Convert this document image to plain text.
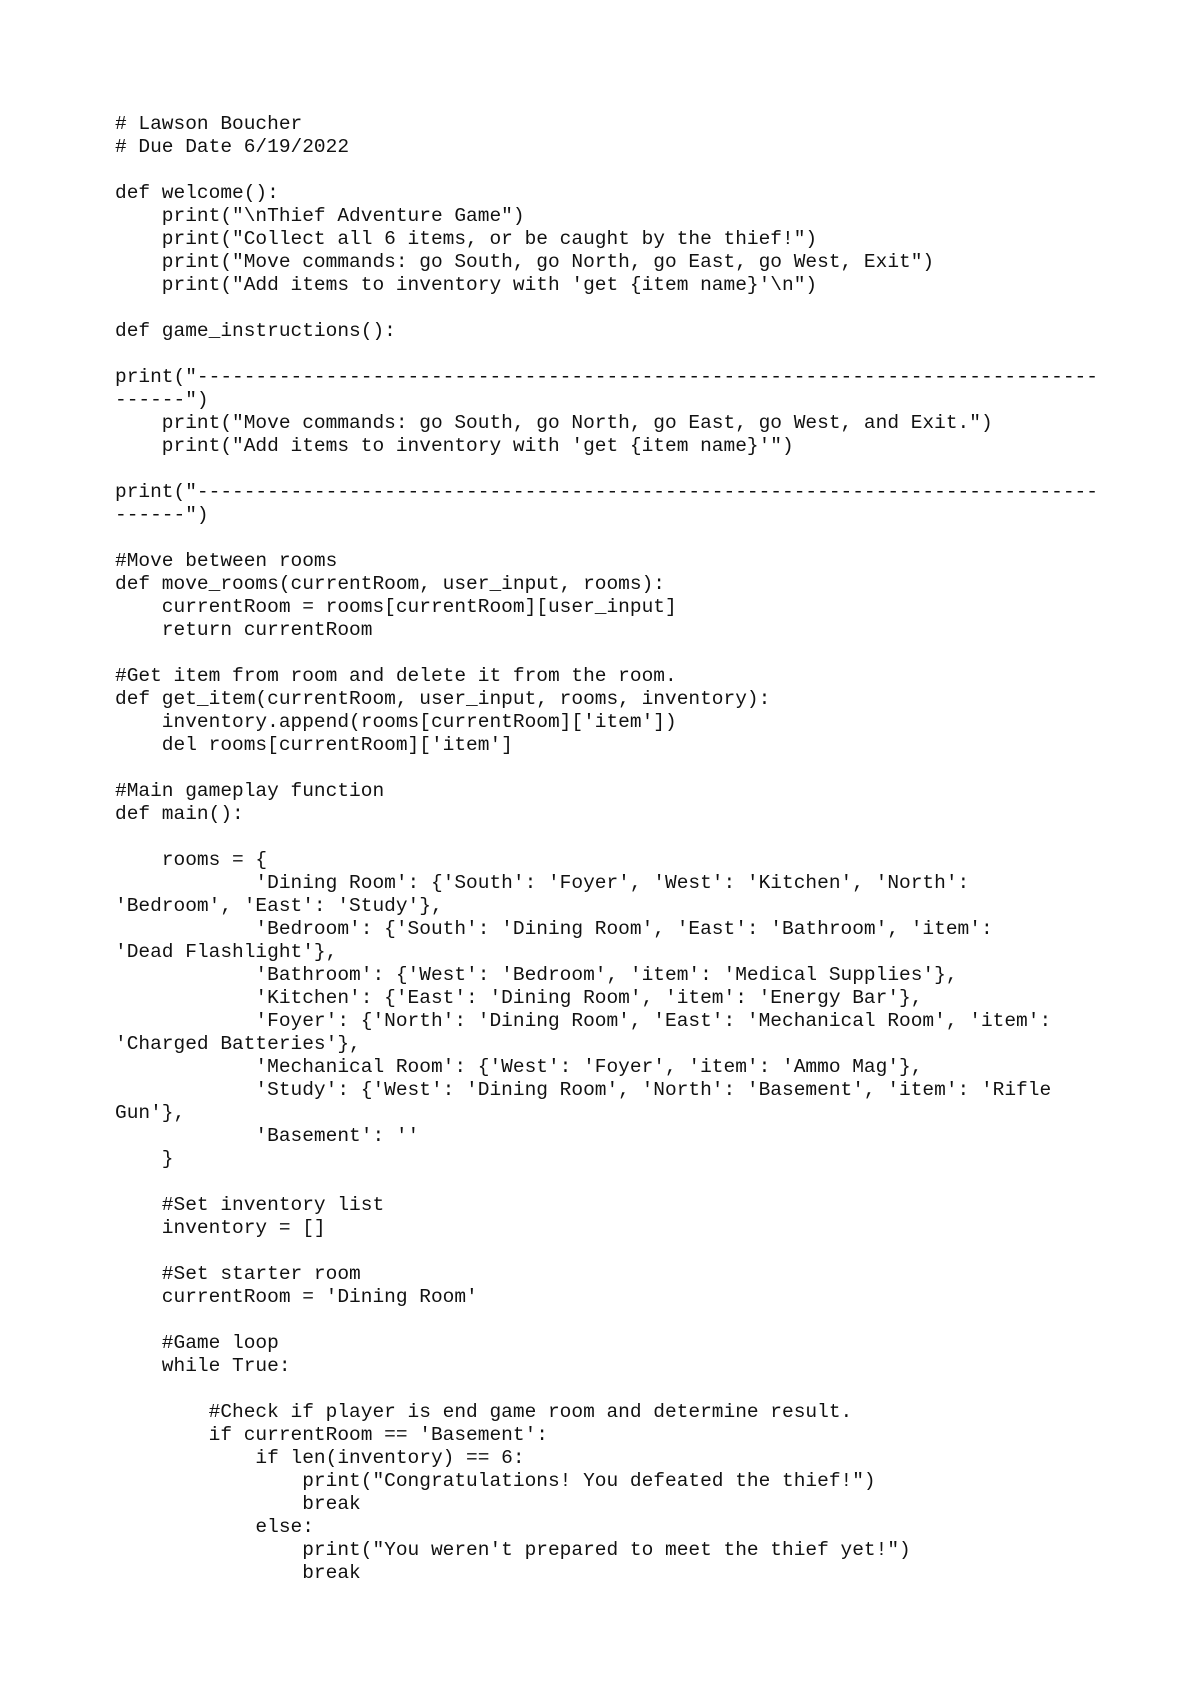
# Lawson Boucher
# Due Date 6/19/2022
def welcome():
print("\nThief Adventure Game")
print("Collect all 6 items, or be caught by the thief!")
print("Move commands: go South, go North, go East, go West, Exit")
print("Add items to inventory with 'get {item name}'\n")
def game_instructions():
print("-----------------------------------------------------------------------------
------")
print("Move commands: go South, go North, go East, go West, and Exit.")
print("Add items to inventory with 'get {item name}'")
print("-----------------------------------------------------------------------------
------")
#Move between rooms
def move_rooms(currentRoom, user_input, rooms):
currentRoom = rooms[currentRoom][user_input]
return currentRoom
#Get item from room and delete it from the room.
def get_item(currentRoom, user_input, rooms, inventory):
inventory.append(rooms[currentRoom]['item'])
del rooms[currentRoom]['item']
#Main gameplay function
def main():
rooms = {
'Dining Room': {'South': 'Foyer', 'West': 'Kitchen', 'North':
'Bedroom', 'East': 'Study'},
'Bedroom': {'South': 'Dining Room', 'East': 'Bathroom', 'item':
'Dead Flashlight'},
'Bathroom': {'West': 'Bedroom', 'item': 'Medical Supplies'},
'Kitchen': {'East': 'Dining Room', 'item': 'Energy Bar'},
'Foyer': {'North': 'Dining Room', 'East': 'Mechanical Room', 'item':
'Charged Batteries'},
'Mechanical Room': {'West': 'Foyer', 'item': 'Ammo Mag'},
'Study': {'West': 'Dining Room', 'North': 'Basement', 'item': 'Rifle
Gun'},
'Basement': ''
}
#Set inventory list
inventory = []
#Set starter room
currentRoom = 'Dining Room'
#Game loop
while True:
#Check if player is end game room and determine result.
if currentRoom == 'Basement':
if len(inventory) == 6:
print("Congratulations! You defeated the thief!")
break
else:
print("You weren't prepared to meet the thief yet!")
break
